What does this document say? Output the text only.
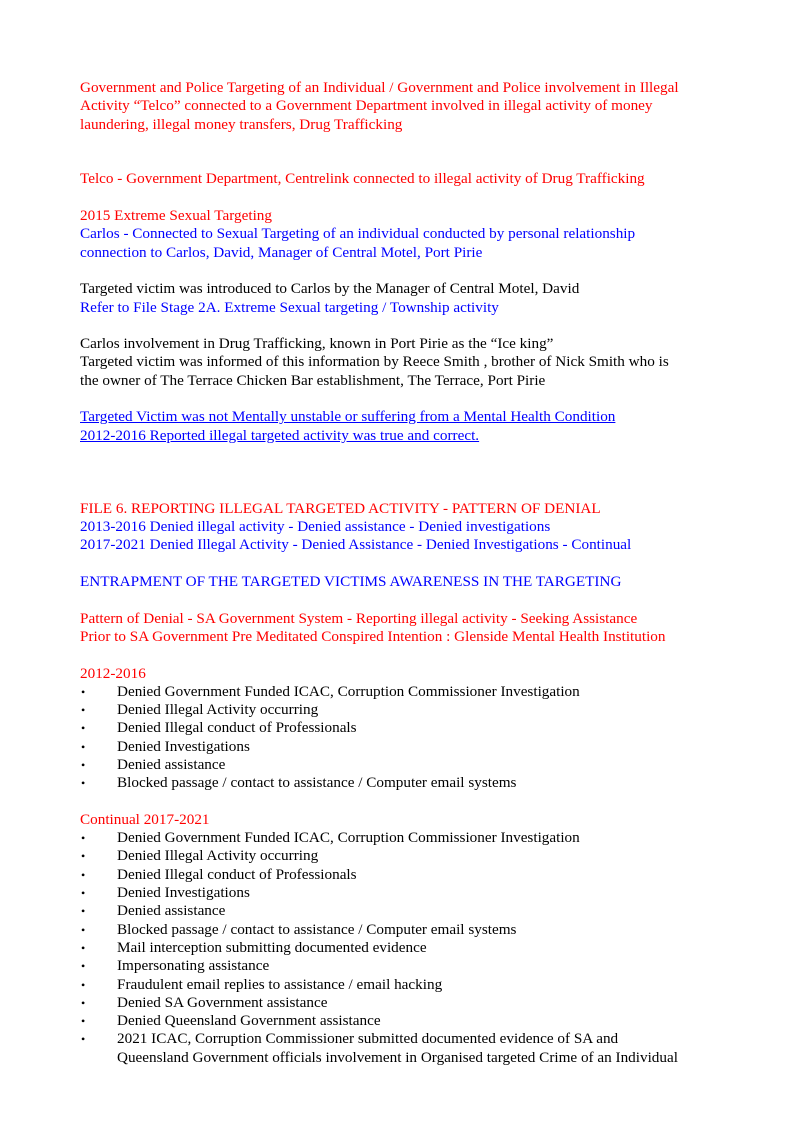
Government and Police Targeting of an Individual / Government and Police involvement in Illegal
Activity “Telco” connected to a Government Department involved in illegal activity of money
laundering, illegal money transfers, Drug Trafficking

Telco - Government Department, Centrelink connected to illegal activity of Drug Trafficking

2015 Extreme Sexual Targeting

Carlos - Connected to Sexual Targeting of an individual conducted by personal relationship
connection to Carlos, David, Manager of Central Motel, Port Pirie

Targeted victim was introduced to Carlos by the Manager of Central Motel, David

Refer to File Stage 2A. Extreme Sexual targeting / Township activity

Carlos involvement in Drug Trafficking, known in Port Pirie as the “Ice king”
Targeted victim was informed of this information by Reece Smith , brother of Nick Smith who is
the owner of The Terrace Chicken Bar establishment, The Terrace, Port Pirie

Targeted Victim was not Mentally unstable or suffering from a Mental Health Condition

2012-2016 Reported illegal targeted activity was true and correct.

FILE 6. REPORTING ILLEGAL TARGETED ACTIVITY - PATTERN OF DENIAL

2013-2016 Denied illegal activity - Denied assistance - Denied investigations

2017-2021 Denied Illegal Activity - Denied Assistance - Denied Investigations - Continual

ENTRAPMENT OF THE TARGETED VICTIMS AWARENESS IN THE TARGETING

Pattern of Denial - SA Government System - Reporting illegal activity - Seeking Assistance

Prior to SA Government Pre Meditated Conspired Intention : Glenside Mental Health Institution

2012-2016

• Denied Government Funded ICAC, Corruption Commissioner Investigation
• Denied Illegal Activity occurring
• Denied Illegal conduct of Professionals
• Denied Investigations
• Denied assistance
• Blocked passage / contact to assistance / Computer email systems

Continual 2017-2021

• Denied Government Funded ICAC, Corruption Commissioner Investigation
• Denied Illegal Activity occurring
• Denied Illegal conduct of Professionals
• Denied Investigations
• Denied assistance
• Blocked passage / contact to assistance / Computer email systems
• Mail interception submitting documented evidence
• Impersonating assistance
• Fraudulent email replies to assistance / email hacking
• Denied SA Government assistance
• Denied Queensland Government assistance
• 2021 ICAC, Corruption Commissioner submitted documented evidence of SA and
Queensland Government officials involvement in Organised targeted Crime of an Individual
